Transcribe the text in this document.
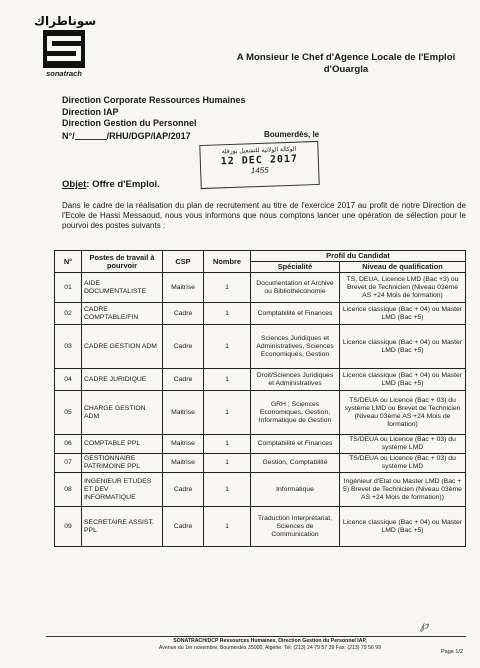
سوناطراك
sonatrach
A Monsieur le Chef d'Agence Locale de l'Emploi
d'Ouargla
Direction Corporate Ressources Humaines
Direction IAP
Direction Gestion du Personnel
N°/	/RHU/DGP/IAP/2017	Boumerdès, le
الوكالة الولائية للتشغيل بورقلة
12 DEC 2017
1455
Objet: Offre d'Emploi.
Dans le cadre de la réalisation du plan de recrutement au titre de l'exercice 2017 au profit de notre Direction de l'Ecole de Hassi Messaoud, nous vous informons que nous comptons lancer une opération de sélection pour le pourvoi des postes suivants :
N°	Postes de travail à pourvoir	CSP	Nombre	Profil du Candidat	
				Spécialité	Niveau de qualification
01	AIDE DOCUMENTALISTE	Maitrise	1	Documentation et Archive ou Bibliothéconomie	TS, DEUA, Licence LMD (Bac +3) ou Brevet de Technicien (Niveau 03ème AS +24 Mois de formation)
02	CADRE COMPTABLE/FIN	Cadre	1	Comptabilité et Finances	Licence classique (Bac + 04) ou Master LMD (Bac +5)
03	CADRE GESTION ADM	Cadre	1	Sciences Juridiques et Administratives, Sciences Economiques, Gestion	Licence classique (Bac + 04) ou Master LMD (Bac +5)
04	CADRE JURIDIQUE	Cadre	1	Droit/Sciences Juridiques et Administratives	Licence classique (Bac + 04) ou Master LMD (Bac +5)
05	CHARGE GESTION ADM	Maitrise	1	GRH ; Sciences Economiques, Gestion, Informatique de Gestion	TS/DEUA ou Licence (Bac + 03) du système LMD ou Brevet de Technicien (Niveau 03ème AS +24 Mois de formation)
06	COMPTABLE PPL	Maitrise	1	Comptabilité et Finances	TS/DEUA ou Licence (Bac + 03) du système LMD
07	GESTIONNAIRE PATRIMOINE PPL	Maitrise	1	Gestion, Comptabilité	TS/DEUA ou Licence (Bac + 03) du système LMD
08	INGENIEUR ETUDES ET DEV INFORMATIQUE	Cadre	1	Informatique	Ingénieur d'Etat ou Master LMD (Bac + 5) Brevet de Technicien (Niveau 03ème AS +24 Mois de formation))
09	SECRETAIRE ASSIST. PPL	Cadre	1	Traduction Interprétariat, Sciences de Communication	Licence classique (Bac + 04) ou Master LMD (Bac +5)
℘
SONATRACH/DCP Ressources Humaines, Direction Gestion du Personnel IAP,
Avenue du 1er novembre, Boumerdès 35000, Algérie. Tel: (213) 24 79 57 39 Fax: (213) 79 56 99
Page 1/2
